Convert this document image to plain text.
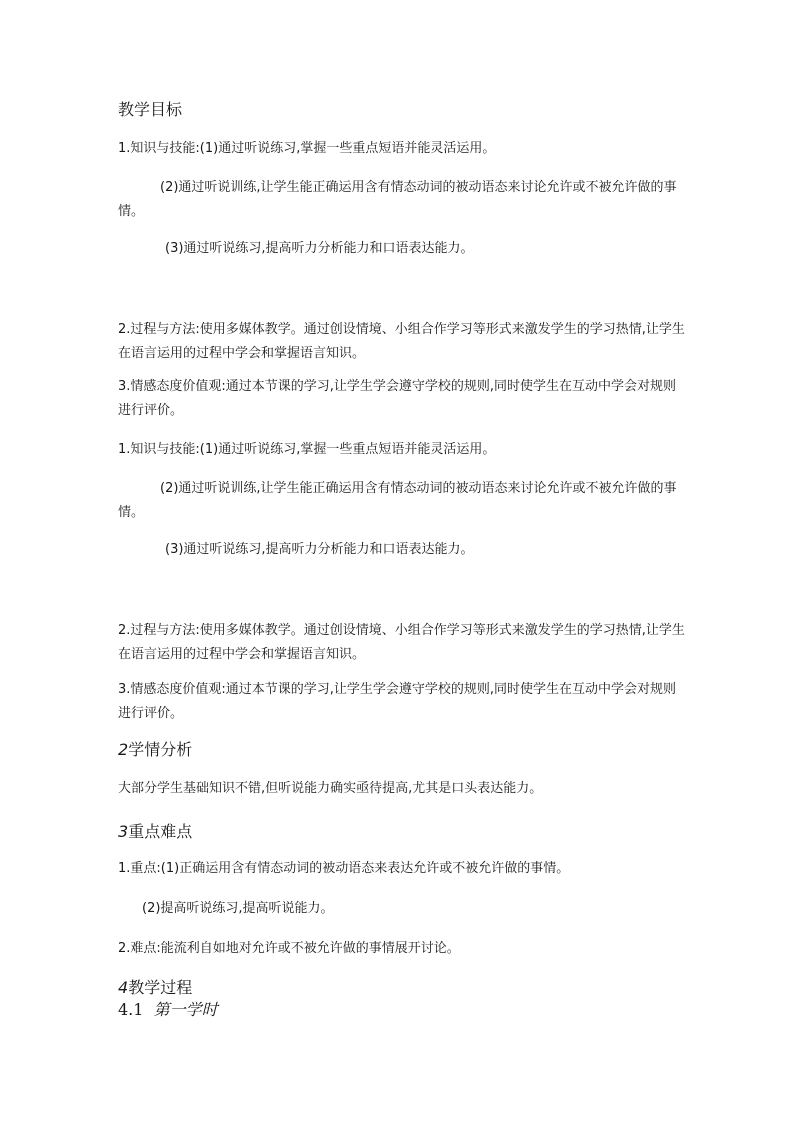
教学目标
1.知识与技能:(1)通过听说练习,掌握一些重点短语并能灵活运用。
(2)通过听说训练,让学生能正确运用含有情态动词的被动语态来讨论允许或不被允许做的事情。
(3)通过听说练习,提高听力分析能力和口语表达能力。
2.过程与方法:使用多媒体教学。通过创设情境、小组合作学习等形式来激发学生的学习热情,让学生在语言运用的过程中学会和掌握语言知识。
3.情感态度价值观:通过本节课的学习,让学生学会遵守学校的规则,同时使学生在互动中学会对规则进行评价。
1.知识与技能:(1)通过听说练习,掌握一些重点短语并能灵活运用。
(2)通过听说训练,让学生能正确运用含有情态动词的被动语态来讨论允许或不被允许做的事情。
(3)通过听说练习,提高听力分析能力和口语表达能力。
2.过程与方法:使用多媒体教学。通过创设情境、小组合作学习等形式来激发学生的学习热情,让学生在语言运用的过程中学会和掌握语言知识。
3.情感态度价值观:通过本节课的学习,让学生学会遵守学校的规则,同时使学生在互动中学会对规则进行评价。
2学情分析
大部分学生基础知识不错,但听说能力确实亟待提高,尤其是口头表达能力。
3重点难点
1.重点:(1)正确运用含有情态动词的被动语态来表达允许或不被允许做的事情。
(2)提高听说练习,提高听说能力。
2.难点:能流利自如地对允许或不被允许做的事情展开讨论。
4教学过程
4.1 第一学时
